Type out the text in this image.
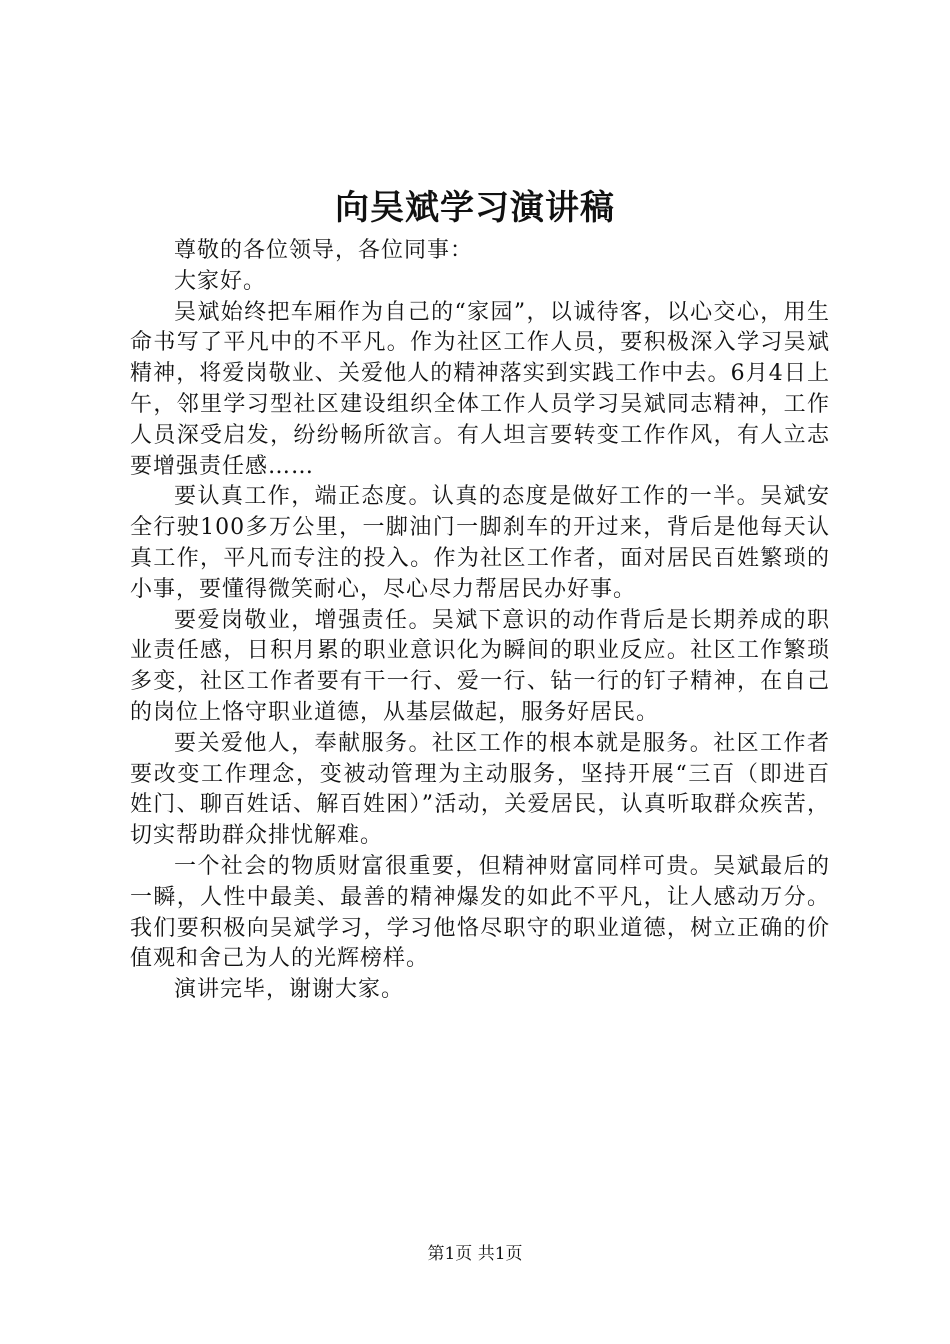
向吴斌学习演讲稿

尊敬的各位领导，各位同事：

大家好。

吴斌始终把车厢作为自己的“家园”，以诚待客，以心交心，用生命书写了平凡中的不平凡。作为社区工作人员，要积极深入学习吴斌精神，将爱岗敬业、关爱他人的精神落实到实践工作中去。6月4日上午，邻里学习型社区建设组织全体工作人员学习吴斌同志精神，工作人员深受启发，纷纷畅所欲言。有人坦言要转变工作作风，有人立志要增强责任感……

要认真工作，端正态度。认真的态度是做好工作的一半。吴斌安全行驶100多万公里，一脚油门一脚刹车的开过来，背后是他每天认真工作，平凡而专注的投入。作为社区工作者，面对居民百姓繁琐的小事，要懂得微笑耐心，尽心尽力帮居民办好事。

要爱岗敬业，增强责任。吴斌下意识的动作背后是长期养成的职业责任感，日积月累的职业意识化为瞬间的职业反应。社区工作繁琐多变，社区工作者要有干一行、爱一行、钻一行的钉子精神，在自己的岗位上恪守职业道德，从基层做起，服务好居民。

要关爱他人，奉献服务。社区工作的根本就是服务。社区工作者要改变工作理念，变被动管理为主动服务，坚持开展“三百（即进百姓门、聊百姓话、解百姓困）”活动，关爱居民，认真听取群众疾苦，切实帮助群众排忧解难。

一个社会的物质财富很重要，但精神财富同样可贵。吴斌最后的一瞬，人性中最美、最善的精神爆发的如此不平凡，让人感动万分。我们要积极向吴斌学习，学习他恪尽职守的职业道德，树立正确的价值观和舍己为人的光辉榜样。

演讲完毕，谢谢大家。

第1页 共1页
